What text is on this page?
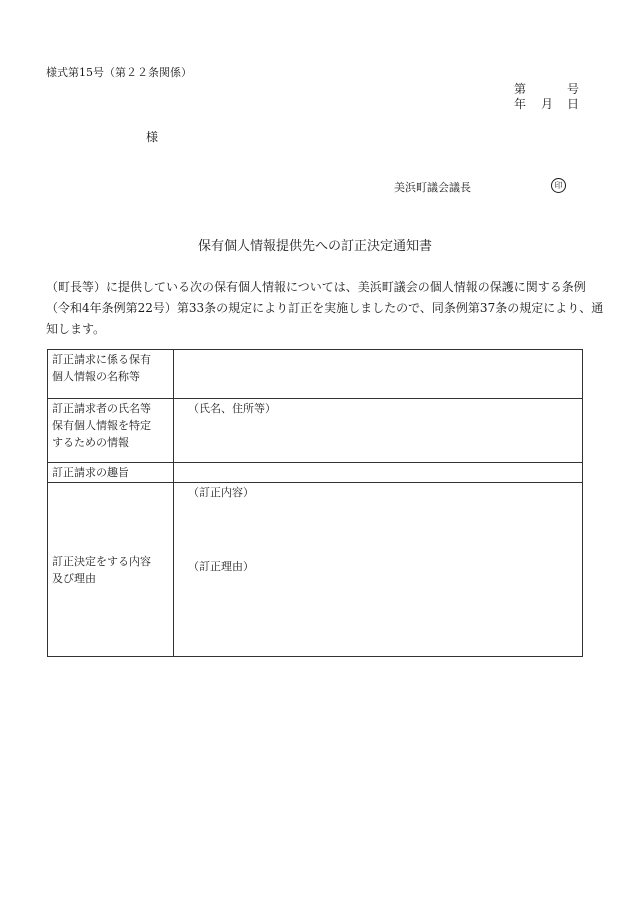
様式第15号（第２２条関係）
第	号
年 月 日
様
美浜町議会議長	印
保有個人情報提供先への訂正決定通知書
（町長等）に提供している次の保有個人情報については、美浜町議会の個人情報の保護に関する条例
（令和4年条例第22号）第33条の規定により訂正を実施しましたので、同条例第37条の規定により、通
知します。
訂正請求に係る保有個人情報の名称等	

訂正請求者の氏名等保有個人情報を特定するための情報	（氏名、住所等）
訂正請求の趣旨	

訂正決定をする内容及び理由	（訂正内容）
（訂正理由）
